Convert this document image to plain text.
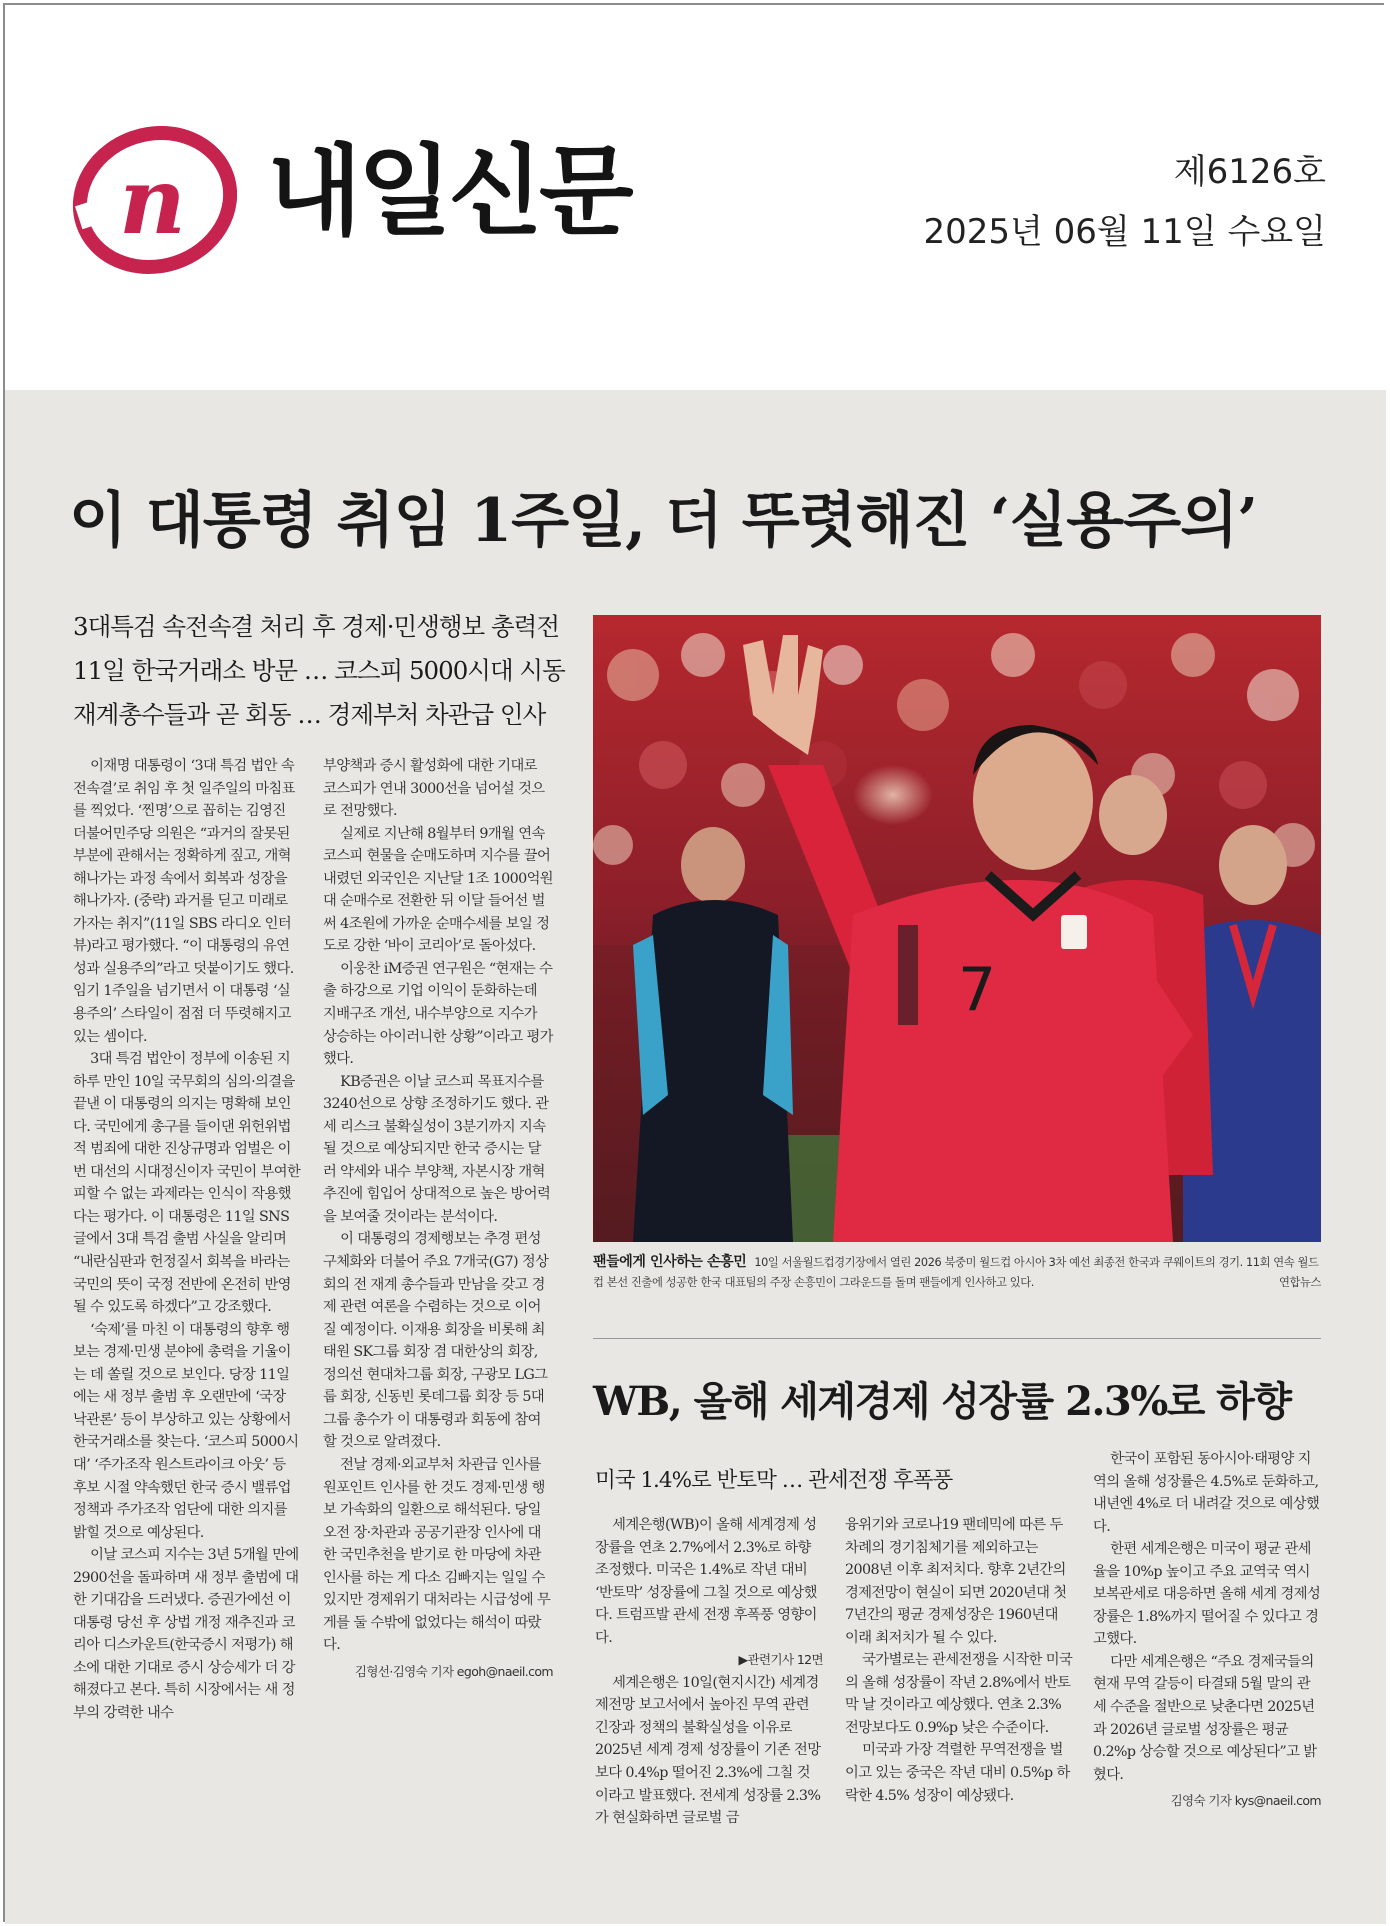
n 내일신문	제6126호
2025년 06월 11일 수요일
이 대통령 취임 1주일, 더 뚜렷해진 ‘실용주의’
3대특검 속전속결 처리 후 경제·민생행보 총력전
11일 한국거래소 방문 … 코스피 5000시대 시동
재계총수들과 곧 회동 … 경제부처 차관급 인사

이재명 대통령이 ‘3대 특검 법안 속전속결’로 취임 후 첫 일주일의 마침표를 찍었다. ‘찐명’으로 꼽히는 김영진 더불어민주당 의원은 “과거의 잘못된 부분에 관해서는 정확하게 짚고, 개혁해나가는 과정 속에서 회복과 성장을 해나가자. (중략) 과거를 딛고 미래로 가자는 취지”(11일 SBS 라디오 인터뷰)라고 평가했다. “이 대통령의 유연성과 실용주의”라고 덧붙이기도 했다. 임기 1주일을 넘기면서 이 대통령 ‘실용주의’ 스타일이 점점 더 뚜렷해지고 있는 셈이다.

3대 특검 법안이 정부에 이송된 지 하루 만인 10일 국무회의 심의·의결을 끝낸 이 대통령의 의지는 명확해 보인다. 국민에게 총구를 들이댄 위헌위법적 범죄에 대한 진상규명과 엄벌은 이번 대선의 시대정신이자 국민이 부여한 피할 수 없는 과제라는 인식이 작용했다는 평가다. 이 대통령은 11일 SNS 글에서 3대 특검 출범 사실을 알리며 “내란심판과 헌정질서 회복을 바라는 국민의 뜻이 국정 전반에 온전히 반영될 수 있도록 하겠다”고 강조했다.

‘숙제’를 마친 이 대통령의 향후 행보는 경제·민생 분야에 총력을 기울이는 데 쏠릴 것으로 보인다. 당장 11일에는 새 정부 출범 후 오랜만에 ‘국장 낙관론’ 등이 부상하고 있는 상황에서 한국거래소를 찾는다. ‘코스피 5000시대’ ‘주가조작 원스트라이크 아웃’ 등 후보 시절 약속했던 한국 증시 밸류업 정책과 주가조작 엄단에 대한 의지를 밝힐 것으로 예상된다.

이날 코스피 지수는 3년 5개월 만에 2900선을 돌파하며 새 정부 출범에 대한 기대감을 드러냈다. 증권가에선 이 대통령 당선 후 상법 개정 재추진과 코리아 디스카운트(한국증시 저평가) 해소에 대한 기대로 증시 상승세가 더 강해졌다고 본다. 특히 시장에서는 새 정부의 강력한 내수

부양책과 증시 활성화에 대한 기대로 코스피가 연내 3000선을 넘어설 것으로 전망했다.

실제로 지난해 8월부터 9개월 연속 코스피 현물을 순매도하며 지수를 끌어내렸던 외국인은 지난달 1조 1000억원대 순매수로 전환한 뒤 이달 들어선 벌써 4조원에 가까운 순매수세를 보일 정도로 강한 ‘바이 코리아’로 돌아섰다.

이웅찬 iM증권 연구원은 “현재는 수출 하강으로 기업 이익이 둔화하는데 지배구조 개선, 내수부양으로 지수가 상승하는 아이러니한 상황”이라고 평가했다.

KB증권은 이날 코스피 목표지수를 3240선으로 상향 조정하기도 했다. 관세 리스크 불확실성이 3분기까지 지속될 것으로 예상되지만 한국 증시는 달러 약세와 내수 부양책, 자본시장 개혁 추진에 힘입어 상대적으로 높은 방어력을 보여줄 것이라는 분석이다.

이 대통령의 경제행보는 추경 편성 구체화와 더불어 주요 7개국(G7) 정상회의 전 재계 총수들과 만남을 갖고 경제 관련 여론을 수렴하는 것으로 이어질 예정이다. 이재용 회장을 비롯해 최태원 SK그룹 회장 겸 대한상의 회장, 정의선 현대차그룹 회장, 구광모 LG그룹 회장, 신동빈 롯데그룹 회장 등 5대 그룹 총수가 이 대통령과 회동에 참여할 것으로 알려졌다.

전날 경제·외교부처 차관급 인사를 원포인트 인사를 한 것도 경제·민생 행보 가속화의 일환으로 해석된다. 당일 오전 장·차관과 공공기관장 인사에 대한 국민추천을 받기로 한 마당에 차관 인사를 하는 게 다소 김빠지는 일일 수 있지만 경제위기 대처라는 시급성에 무게를 둘 수밖에 없었다는 해석이 따랐다.

김형선·김영숙 기자 egoh@naeil.com

7
팬들에게 인사하는 손흥민 10일 서울월드컵경기장에서 열린 2026 북중미 월드컵 아시아 3차 예선 최종전 한국과 쿠웨이트의 경기. 11회 연속 월드컵 본선 진출에 성공한 한국 대표팀의 주장 손흥민이 그라운드를 돌며 팬들에게 인사하고 있다.	연합뉴스
WB, 올해 세계경제 성장률 2.3%로 하향
미국 1.4%로 반토막 … 관세전쟁 후폭풍

세계은행(WB)이 올해 세계경제 성장률을 연초 2.7%에서 2.3%로 하향 조정했다. 미국은 1.4%로 작년 대비 ‘반토막’ 성장률에 그칠 것으로 예상했다. 트럼프발 관세 전쟁 후폭풍 영향이다.

▶관련기사 12면

세계은행은 10일(현지시간) 세계경제전망 보고서에서 높아진 무역 관련 긴장과 정책의 불확실성을 이유로 2025년 세계 경제 성장률이 기존 전망보다 0.4%p 떨어진 2.3%에 그칠 것이라고 발표했다. 전세계 성장률 2.3%가 현실화하면 글로벌 금

융위기와 코로나19 팬데믹에 따른 두 차례의 경기침체기를 제외하고는 2008년 이후 최저치다. 향후 2년간의 경제전망이 현실이 되면 2020년대 첫 7년간의 평균 경제성장은 1960년대 이래 최저치가 될 수 있다.

국가별로는 관세전쟁을 시작한 미국의 올해 성장률이 작년 2.8%에서 반토막 날 것이라고 예상했다. 연초 2.3% 전망보다도 0.9%p 낮은 수준이다.

미국과 가장 격렬한 무역전쟁을 벌이고 있는 중국은 작년 대비 0.5%p 하락한 4.5% 성장이 예상됐다.

한국이 포함된 동아시아·태평양 지역의 올해 성장률은 4.5%로 둔화하고, 내년엔 4%로 더 내려갈 것으로 예상했다.

한편 세계은행은 미국이 평균 관세율을 10%p 높이고 주요 교역국 역시 보복관세로 대응하면 올해 세계 경제성장률은 1.8%까지 떨어질 수 있다고 경고했다.

다만 세계은행은 “주요 경제국들의 현재 무역 갈등이 타결돼 5월 말의 관세 수준을 절반으로 낮춘다면 2025년과 2026년 글로벌 성장률은 평균 0.2%p 상승할 것으로 예상된다”고 밝혔다.

김영숙 기자 kys@naeil.com
